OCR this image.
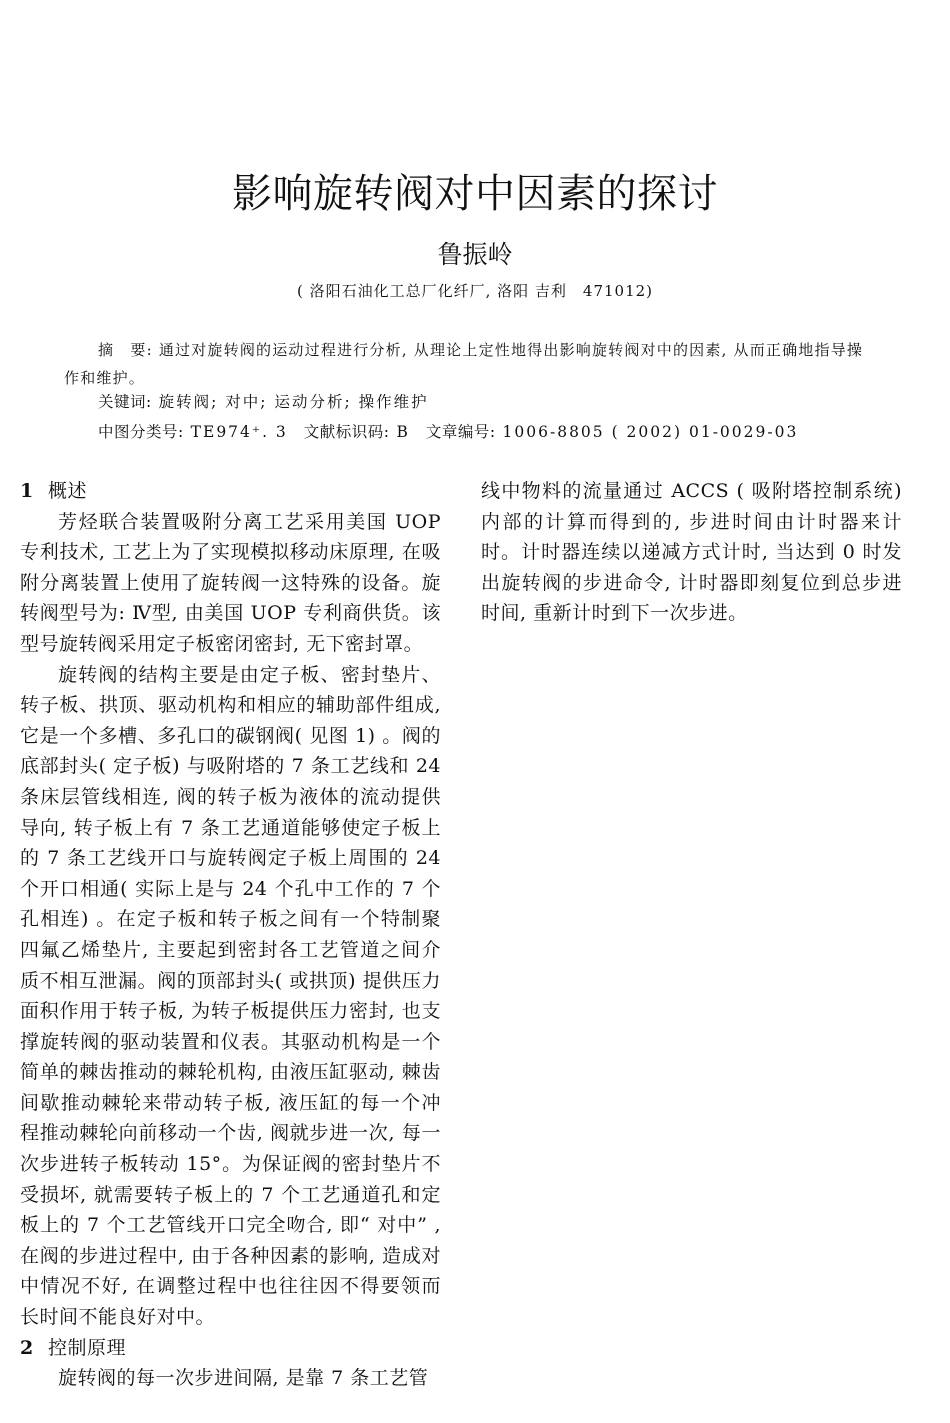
影响旋转阀对中因素的探讨
鲁振岭
( 洛阳石油化工总厂化纤厂, 洛阳 吉利　471012)

摘　要: 通过对旋转阀的运动过程进行分析, 从理论上定性地得出影响旋转阀对中的因素, 从而正确地指导操作和维护。

关键词: 旋转阀; 对中; 运动分析; 操作维护
中图分类号: TE974⁺. 3 文献标识码: B 文章编号: 1006-8805 ( 2002) 01-0029-03
1 概述

芳烃联合装置吸附分离工艺采用美国 UOP 专利技术, 工艺上为了实现模拟移动床原理, 在吸附分离装置上使用了旋转阀一这特殊的设备。旋转阀型号为: Ⅳ型, 由美国 UOP 专利商供货。该型号旋转阀采用定子板密闭密封, 无下密封罩。

旋转阀的结构主要是由定子板、密封垫片、转子板、拱顶、驱动机构和相应的辅助部件组成, 它是一个多槽、多孔口的碳钢阀( 见图 1) 。阀的底部封头( 定子板) 与吸附塔的 7 条工艺线和 24 条床层管线相连, 阀的转子板为液体的流动提供导向, 转子板上有 7 条工艺通道能够使定子板上的 7 条工艺线开口与旋转阀定子板上周围的 24 个开口相通( 实际上是与 24 个孔中工作的 7 个孔相连) 。在定子板和转子板之间有一个特制聚四氟乙烯垫片, 主要起到密封各工艺管道之间介质不相互泄漏。阀的顶部封头( 或拱顶) 提供压力面积作用于转子板, 为转子板提供压力密封, 也支撑旋转阀的驱动装置和仪表。其驱动机构是一个简单的棘齿推动的棘轮机构, 由液压缸驱动, 棘齿间歇推动棘轮来带动转子板, 液压缸的每一个冲程推动棘轮向前移动一个齿, 阀就步进一次, 每一次步进转子板转动 15°。为保证阀的密封垫片不受损坏, 就需要转子板上的 7 个工艺通道孔和定板上的 7 个工艺管线开口完全吻合, 即“ 对中” , 在阀的步进过程中, 由于各种因素的影响, 造成对中情况不好, 在调整过程中也往往因不得要领而长时间不能良好对中。

2 控制原理

旋转阀的每一次步进间隔, 是靠 7 条工艺管

线中物料的流量通过 ACCS ( 吸附塔控制系统) 内部的计算而得到的, 步进时间由计时器来计时。计时器连续以递减方式计时, 当达到 0 时发出旋转阀的步进命令, 计时器即刻复位到总步进时间, 重新计时到下一次步进。
